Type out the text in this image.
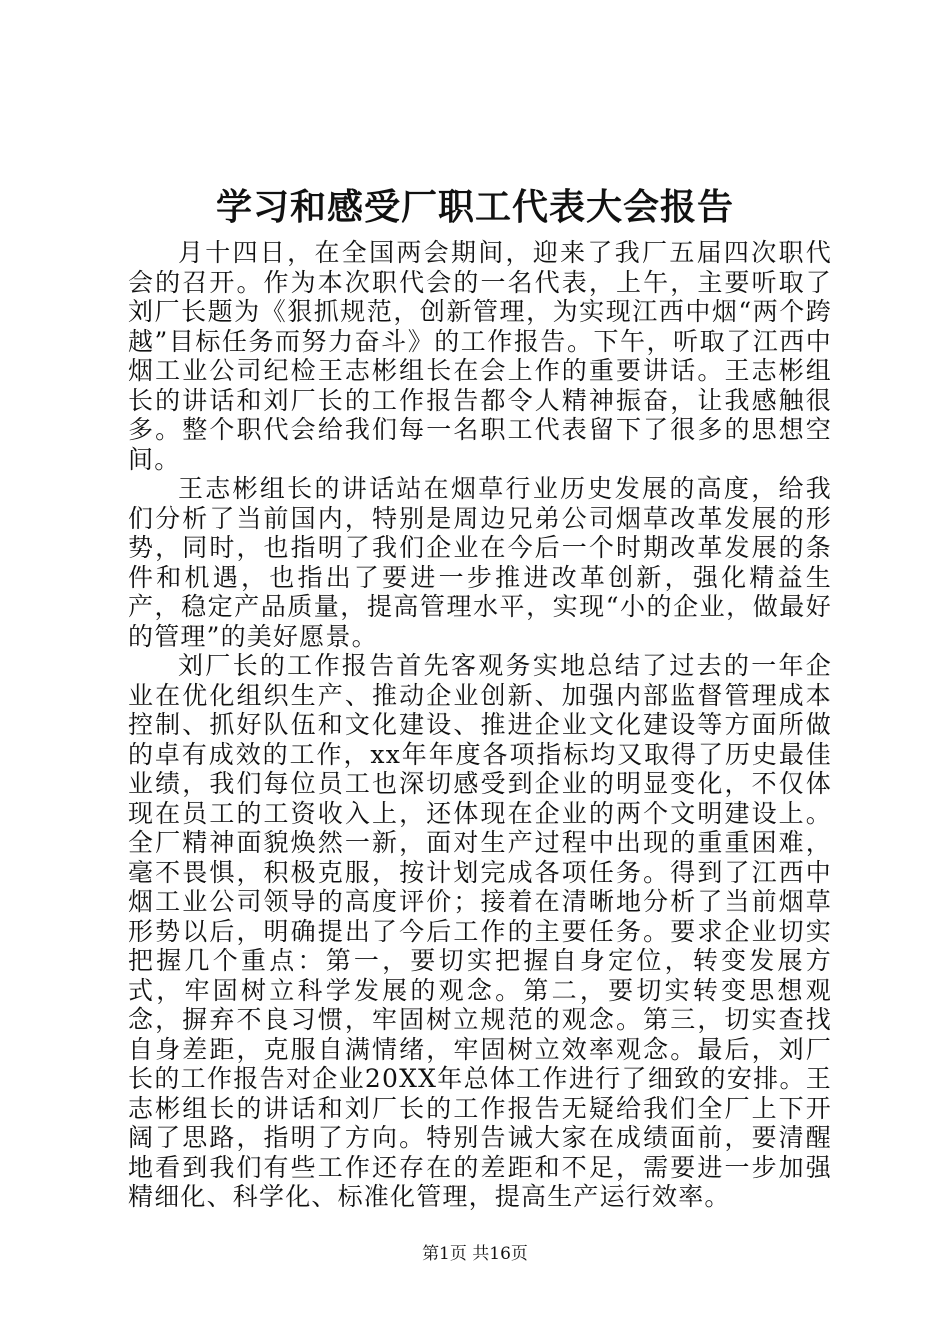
学习和感受厂职工代表大会报告

月十四日，在全国两会期间，迎来了我厂五届四次职代会的召开。作为本次职代会的一名代表，上午，主要听取了刘厂长题为《狠抓规范，创新管理，为实现江西中烟“两个跨越”目标任务而努力奋斗》的工作报告。下午，听取了江西中烟工业公司纪检王志彬组长在会上作的重要讲话。王志彬组长的讲话和刘厂长的工作报告都令人精神振奋，让我感触很多。整个职代会给我们每一名职工代表留下了很多的思想空间。

王志彬组长的讲话站在烟草行业历史发展的高度，给我们分析了当前国内，特别是周边兄弟公司烟草改革发展的形势，同时，也指明了我们企业在今后一个时期改革发展的条件和机遇，也指出了要进一步推进改革创新，强化精益生产，稳定产品质量，提高管理水平，实现“小的企业，做最好的管理”的美好愿景。

刘厂长的工作报告首先客观务实地总结了过去的一年企业在优化组织生产、推动企业创新、加强内部监督管理成本控制、抓好队伍和文化建设、推进企业文化建设等方面所做的卓有成效的工作，xx年年度各项指标均又取得了历史最佳业绩，我们每位员工也深切感受到企业的明显变化，不仅体现在员工的工资收入上，还体现在企业的两个文明建设上。全厂精神面貌焕然一新，面对生产过程中出现的重重困难，毫不畏惧，积极克服，按计划完成各项任务。得到了江西中烟工业公司领导的高度评价；接着在清晰地分析了当前烟草形势以后，明确提出了今后工作的主要任务。要求企业切实把握几个重点：第一，要切实把握自身定位，转变发展方式，牢固树立科学发展的观念。第二，要切实转变思想观念，摒弃不良习惯，牢固树立规范的观念。第三，切实查找自身差距，克服自满情绪，牢固树立效率观念。最后，刘厂长的工作报告对企业20XX年总体工作进行了细致的安排。王志彬组长的讲话和刘厂长的工作报告无疑给我们全厂上下开阔了思路，指明了方向。特别告诫大家在成绩面前，要清醒地看到我们有些工作还存在的差距和不足，需要进一步加强精细化、科学化、标准化管理，提高生产运行效率。

第1页 共16页
